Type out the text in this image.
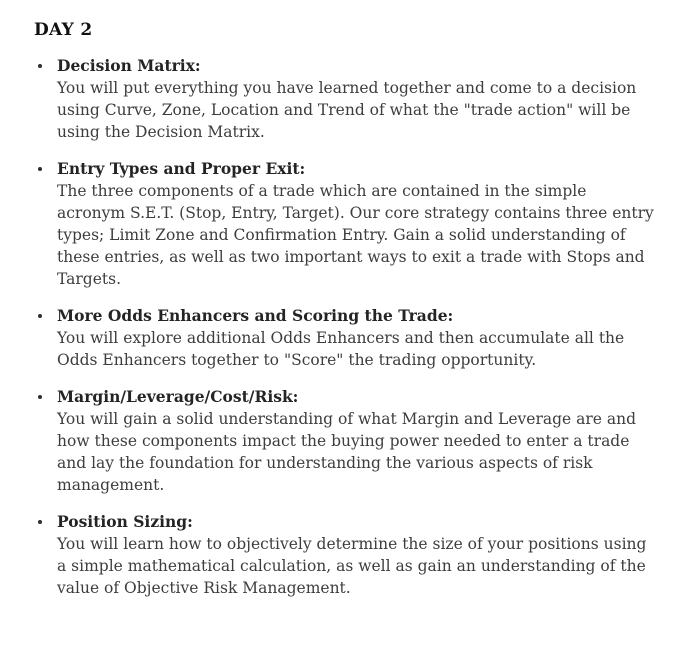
DAY 2
Decision Matrix:
You will put everything you have learned together and come to a decision using Curve, Zone, Location and Trend of what the "trade action" will be using the Decision Matrix.
Entry Types and Proper Exit:
The three components of a trade which are contained in the simple acronym S.E.T. (Stop, Entry, Target). Our core strategy contains three entry types; Limit Zone and Confirmation Entry. Gain a solid understanding of these entries, as well as two important ways to exit a trade with Stops and Targets.
More Odds Enhancers and Scoring the Trade:
You will explore additional Odds Enhancers and then accumulate all the Odds Enhancers together to "Score" the trading opportunity.
Margin/Leverage/Cost/Risk:
You will gain a solid understanding of what Margin and Leverage are and how these components impact the buying power needed to enter a trade and lay the foundation for understanding the various aspects of risk management.
Position Sizing:
You will learn how to objectively determine the size of your positions using a simple mathematical calculation, as well as gain an understanding of the value of Objective Risk Management.
